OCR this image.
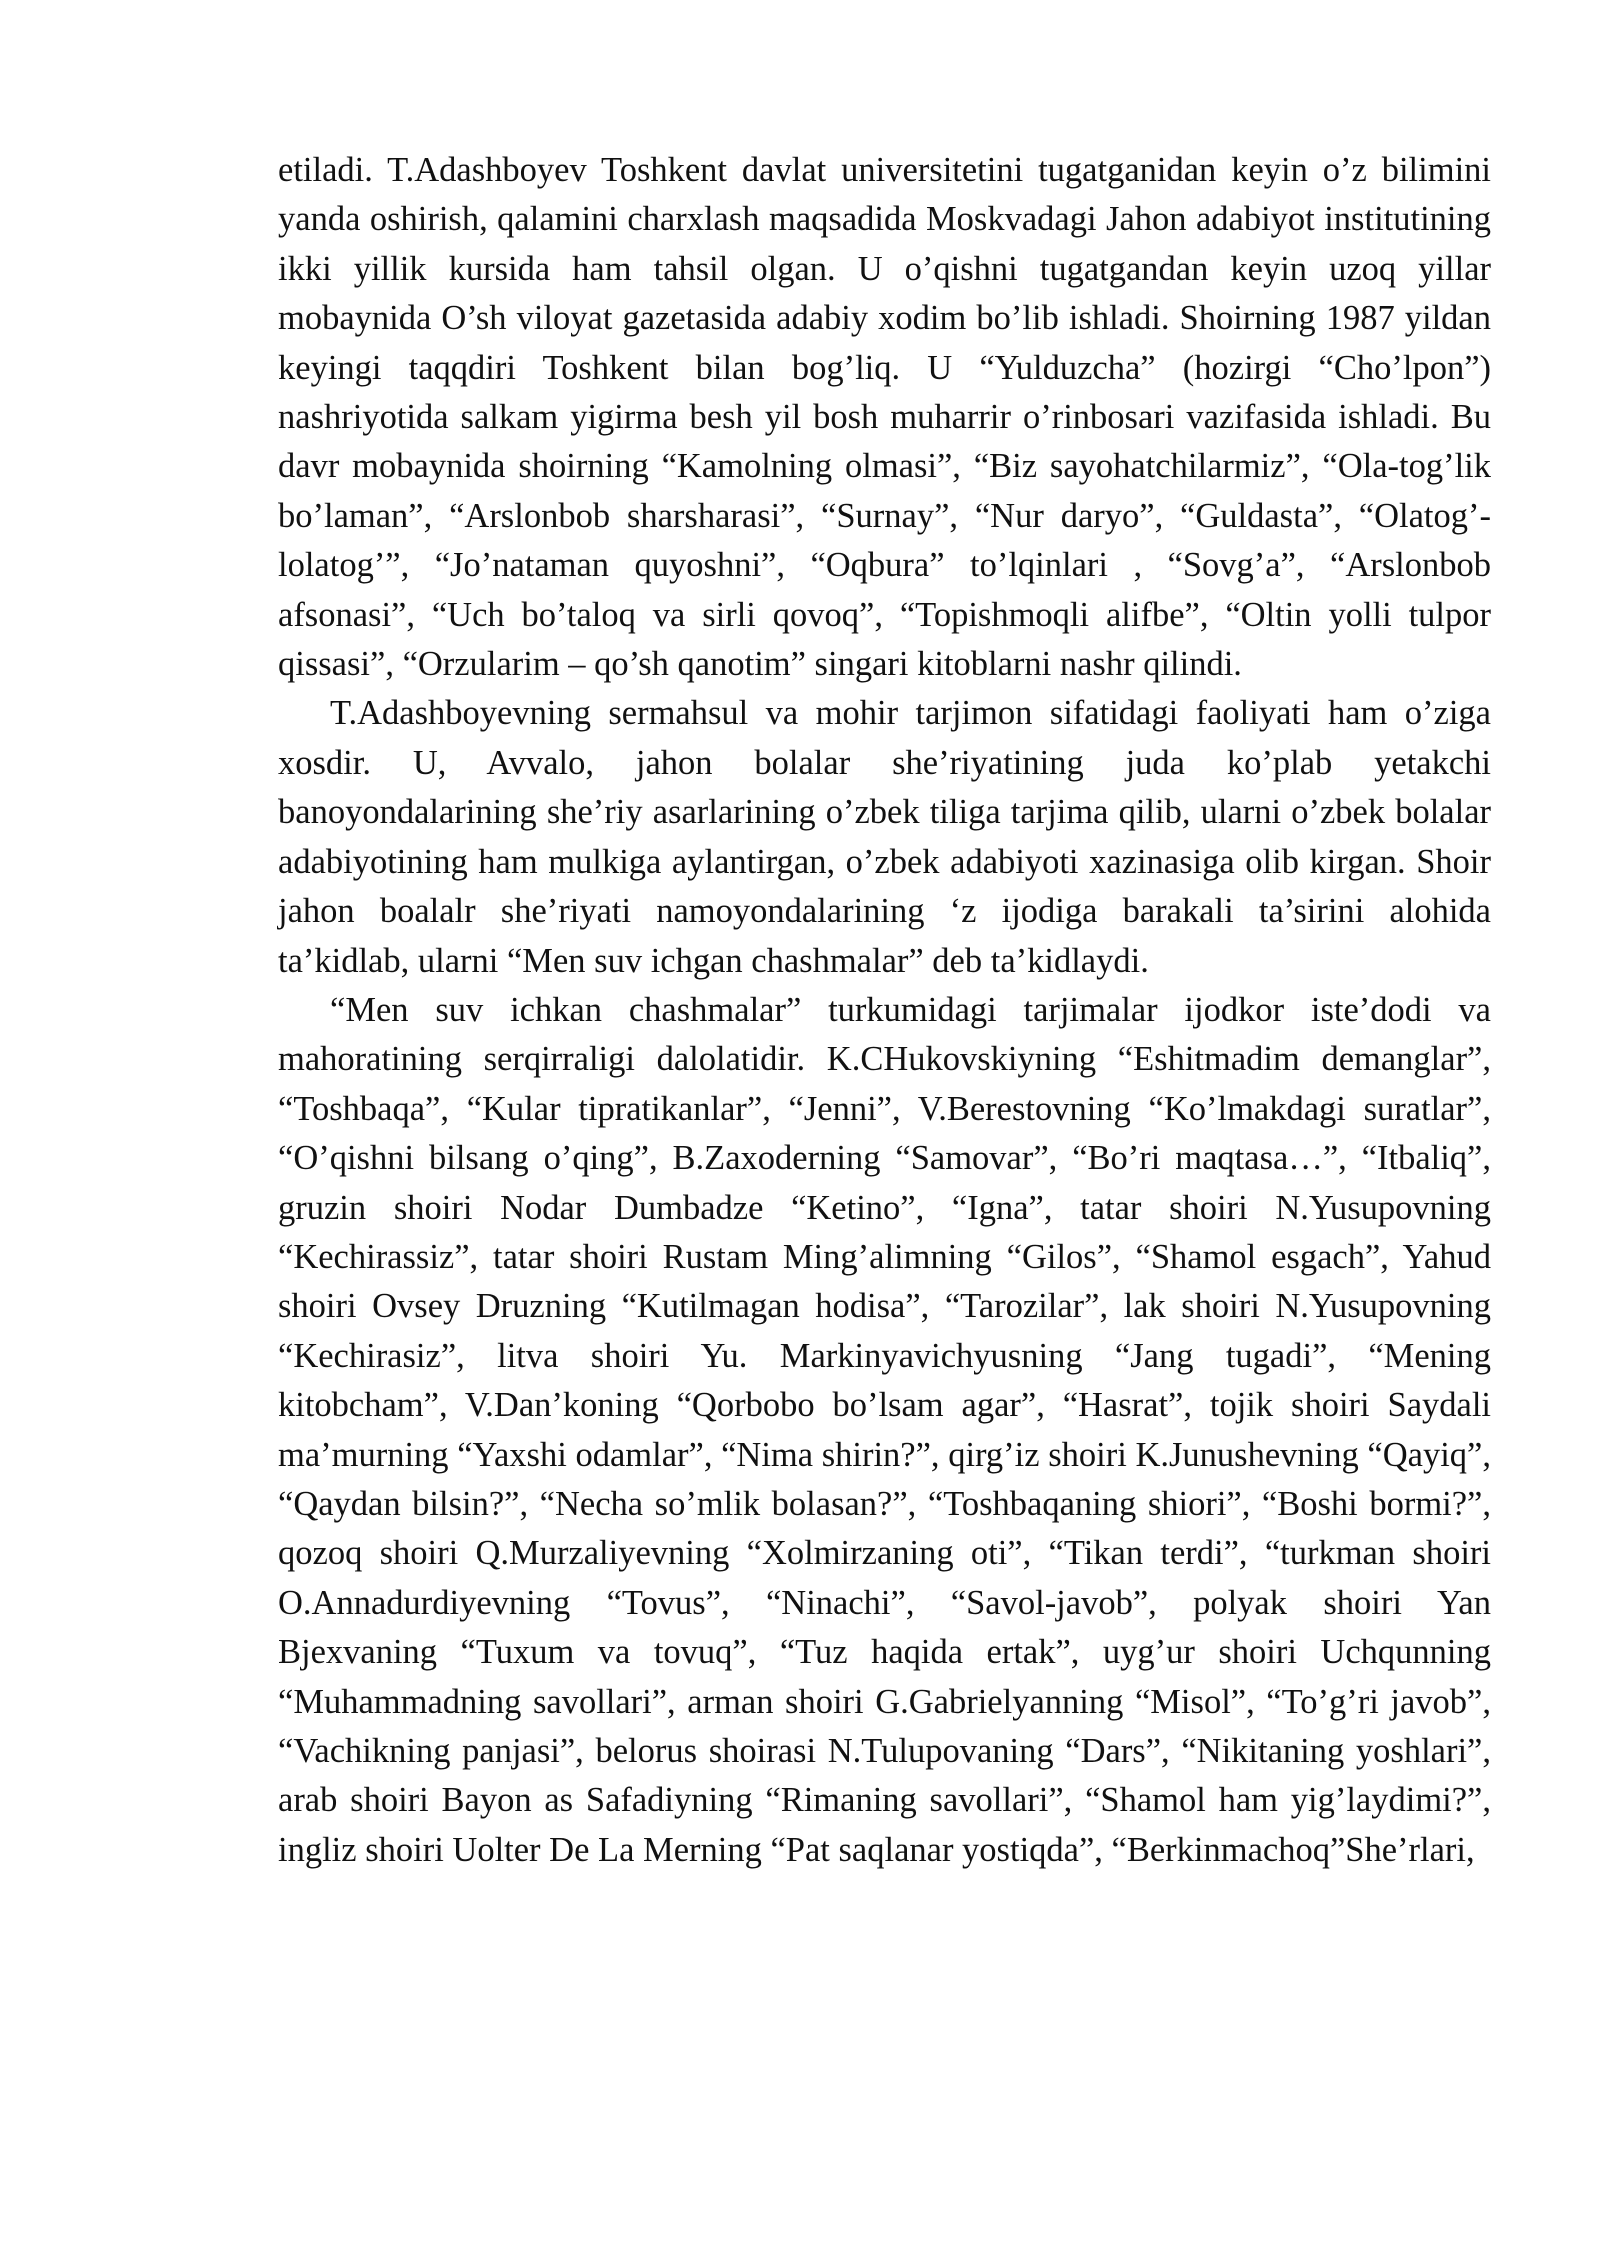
etiladi. T.Adashboyev Toshkent davlat universitetini tugatganidan keyin o’z bilimini yanda oshirish, qalamini charxlash maqsadida Moskvadagi Jahon adabiyot institutining ikki yillik kursida ham tahsil olgan. U o’qishni tugatgandan keyin uzoq yillar mobaynida O’sh viloyat gazetasida adabiy xodim bo’lib ishladi. Shoirning 1987 yildan keyingi taqqdiri Toshkent bilan bog’liq. U “Yulduzcha” (hozirgi “Cho’lpon”) nashriyotida salkam yigirma besh yil bosh muharrir o’rinbosari vazifasida ishladi. Bu davr mobaynida shoirning “Kamolning olmasi”, “Biz sayohatchilarmiz”, “Ola-tog’lik bo’laman”, “Arslonbob sharsharasi”, “Surnay”, “Nur daryo”, “Guldasta”, “Olatog’-lolatog’”, “Jo’nataman quyoshni”, “Oqbura” to’lqinlari , “Sovg’a”, “Arslonbob afsonasi”, “Uch bo’taloq va sirli qovoq”, “Topishmoqli alifbe”, “Oltin yolli tulpor qissasi”, “Orzularim – qo’sh qanotim” singari kitoblarni nashr qilindi.

T.Adashboyevning sermahsul va mohir tarjimon sifatidagi faoliyati ham o’ziga xosdir. U, Avvalo, jahon bolalar she’riyatining juda ko’plab yetakchi banoyondalarining she’riy asarlarining o’zbek tiliga tarjima qilib, ularni o’zbek bolalar adabiyotining ham mulkiga aylantirgan, o’zbek adabiyoti xazinasiga olib kirgan. Shoir jahon boalalr she’riyati namoyondalarining ‘z ijodiga barakali ta’sirini alohida ta’kidlab, ularni “Men suv ichgan chashmalar” deb ta’kidlaydi.

“Men suv ichkan chashmalar” turkumidagi tarjimalar ijodkor iste’dodi va mahoratining serqirraligi dalolatidir. K.CHukovskiyning “Eshitmadim demanglar”, “Toshbaqa”, “Kular tipratikanlar”, “Jenni”, V.Berestovning “Ko’lmakdagi suratlar”, “O’qishni bilsang o’qing”, B.Zaxoderning “Samovar”, “Bo’ri maqtasa…”, “Itbaliq”, gruzin shoiri Nodar Dumbadze “Ketino”, “Igna”, tatar shoiri N.Yusupovning “Kechirassiz”, tatar shoiri Rustam Ming’alimning “Gilos”, “Shamol esgach”, Yahud shoiri Ovsey Druzning “Kutilmagan hodisa”, “Tarozilar”, lak shoiri N.Yusupovning “Kechirasiz”, litva shoiri Yu. Markinyavichyusning “Jang tugadi”, “Mening kitobcham”, V.Dan’koning “Qorbobo bo’lsam agar”, “Hasrat”, tojik shoiri Saydali ma’murning “Yaxshi odamlar”, “Nima shirin?”, qirg’iz shoiri K.Junushevning “Qayiq”, “Qaydan bilsin?”, “Necha so’mlik bolasan?”, “Toshbaqaning shiori”, “Boshi bormi?”, qozoq shoiri Q.Murzaliyevning “Xolmirzaning oti”, “Tikan terdi”, “turkman shoiri O.Annadurdiyevning “Tovus”, “Ninachi”, “Savol-javob”, polyak shoiri Yan Bjexvaning “Tuxum va tovuq”, “Tuz haqida ertak”, uyg’ur shoiri Uchqunning “Muhammadning savollari”, arman shoiri G.Gabrielyanning “Misol”, “To’g’ri javob”, “Vachikning panjasi”, belorus shoirasi N.Tulupovaning “Dars”, “Nikitaning yoshlari”, arab shoiri Bayon as Safadiyning “Rimaning savollari”, “Shamol ham yig’laydimi?”, ingliz shoiri Uolter De La Merning “Pat saqlanar yostiqda”, “Berkinmachoq”She’rlari,
